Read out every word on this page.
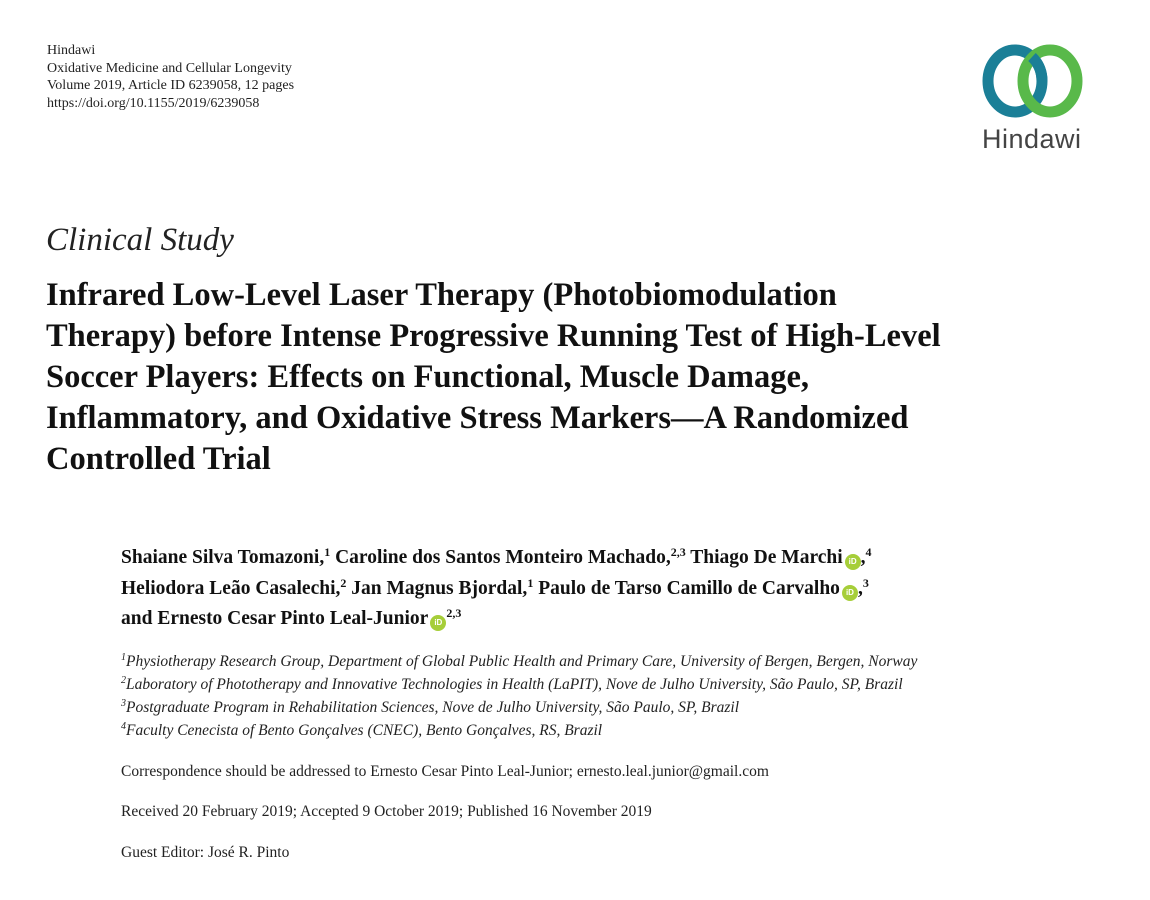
Hindawi
Oxidative Medicine and Cellular Longevity
Volume 2019, Article ID 6239058, 12 pages
https://doi.org/10.1155/2019/6239058
Hindawi
Clinical Study
Infrared Low-Level Laser Therapy (Photobiomodulation
Therapy) before Intense Progressive Running Test of High-Level
Soccer Players: Effects on Functional, Muscle Damage,
Inflammatory, and Oxidative Stress Markers—A Randomized
Controlled Trial
Shaiane Silva Tomazoni,$^1$ Caroline dos Santos Monteiro Machado,$^{2,3}$ Thiago De Marchi iD ,$^4$
Heliodora Leão Casalechi,$^2$ Jan Magnus Bjordal,$^1$ Paulo de Tarso Camillo de Carvalho iD ,$^3$
and Ernesto Cesar Pinto Leal-Junior iD$^{2,3}$
$^1$Physiotherapy Research Group, Department of Global Public Health and Primary Care, University of Bergen, Bergen, Norway
$^2$Laboratory of Phototherapy and Innovative Technologies in Health (LaPIT), Nove de Julho University, São Paulo, SP, Brazil
$^3$Postgraduate Program in Rehabilitation Sciences, Nove de Julho University, São Paulo, SP, Brazil
$^4$Faculty Cenecista of Bento Gonçalves (CNEC), Bento Gonçalves, RS, Brazil
Correspondence should be addressed to Ernesto Cesar Pinto Leal-Junior; ernesto.leal.junior@gmail.com
Received 20 February 2019; Accepted 9 October 2019; Published 16 November 2019
Guest Editor: José R. Pinto
